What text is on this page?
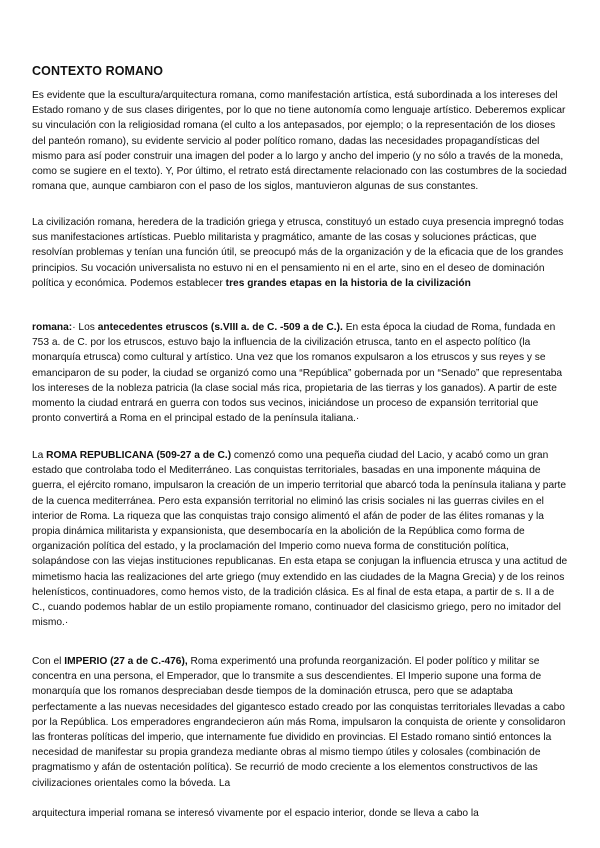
CONTEXTO ROMANO

Es evidente que la escultura/arquitectura romana, como manifestación artística, está subordinada a los intereses del Estado romano y de sus clases dirigentes, por lo que no tiene autonomía como lenguaje artístico. Deberemos explicar su vinculación con la religiosidad romana (el culto a los antepasados, por ejemplo; o la representación de los dioses del panteón romano), su evidente servicio al poder político romano, dadas las necesidades propagandísticas del mismo para así poder construir una imagen del poder a lo largo y ancho del imperio (y no sólo a través de la moneda, como se sugiere en el texto). Y, Por último, el retrato está directamente relacionado con las costumbres de la sociedad romana que, aunque cambiaron con el paso de los siglos, mantuvieron algunas de sus constantes.

La civilización romana, heredera de la tradición griega y etrusca, constituyó un estado cuya presencia impregnó todas sus manifestaciones artísticas. Pueblo militarista y pragmático, amante de las cosas y soluciones prácticas, que resolvían problemas y tenían una función útil, se preocupó más de la organización y de la eficacia que de los grandes principios. Su vocación universalista no estuvo ni en el pensamiento ni en el arte, sino en el deseo de dominación política y económica. Podemos establecer tres grandes etapas en la historia de la civilización

romana:· Los antecedentes etruscos (s.VIII a. de C. -509 a de C.). En esta época la ciudad de Roma, fundada en 753 a. de C. por los etruscos, estuvo bajo la influencia de la civilización etrusca, tanto en el aspecto político (la monarquía etrusca) como cultural y artístico. Una vez que los romanos expulsaron a los etruscos y sus reyes y se emanciparon de su poder, la ciudad se organizó como una “República” gobernada por un “Senado” que representaba los intereses de la nobleza patricia (la clase social más rica, propietaria de las tierras y los ganados). A partir de este momento la ciudad entrará en guerra con todos sus vecinos, iniciándose un proceso de expansión territorial que pronto convertirá a Roma en el principal estado de la península italiana.·

La ROMA REPUBLICANA (509-27 a de C.) comenzó como una pequeña ciudad del Lacio, y acabó como un gran estado que controlaba todo el Mediterráneo. Las conquistas territoriales, basadas en una imponente máquina de guerra, el ejército romano, impulsaron la creación de un imperio territorial que abarcó toda la península italiana y parte de la cuenca mediterránea. Pero esta expansión territorial no eliminó las crisis sociales ni las guerras civiles en el interior de Roma. La riqueza que las conquistas trajo consigo alimentó el afán de poder de las élites romanas y la propia dinámica militarista y expansionista, que desembocaría en la abolición de la República como forma de organización política del estado, y la proclamación del Imperio como nueva forma de constitución política, solapándose con las viejas instituciones republicanas. En esta etapa se conjugan la influencia etrusca y una actitud de mimetismo hacia las realizaciones del arte griego (muy extendido en las ciudades de la Magna Grecia) y de los reinos helenísticos, continuadores, como hemos visto, de la tradición clásica. Es al final de esta etapa, a partir de s. II a de C., cuando podemos hablar de un estilo propiamente romano, continuador del clasicismo griego, pero no imitador del mismo.·

Con el IMPERIO (27 a de C.-476), Roma experimentó una profunda reorganización. El poder político y militar se concentra en una persona, el Emperador, que lo transmite a sus descendientes. El Imperio supone una forma de monarquía que los romanos despreciaban desde tiempos de la dominación etrusca, pero que se adaptaba perfectamente a las nuevas necesidades del gigantesco estado creado por las conquistas territoriales llevadas a cabo por la República. Los emperadores engrandecieron aún más Roma, impulsaron la conquista de oriente y consolidaron las fronteras políticas del imperio, que internamente fue dividido en provincias. El Estado romano sintió entonces la necesidad de manifestar su propia grandeza mediante obras al mismo tiempo útiles y colosales (combinación de pragmatismo y afán de ostentación política). Se recurrió de modo creciente a los elementos constructivos de las civilizaciones orientales como la bóveda. La

arquitectura imperial romana se interesó vivamente por el espacio interior, donde se lleva a cabo la
